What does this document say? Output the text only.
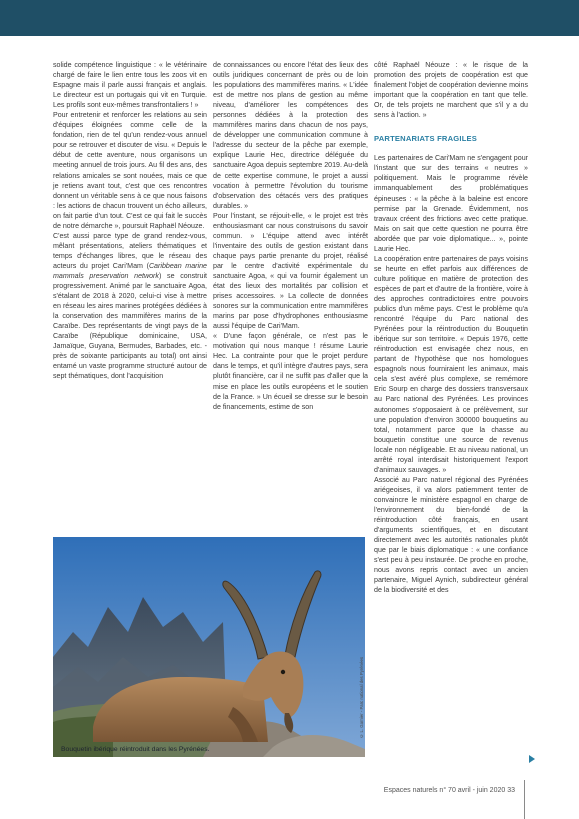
solide compétence linguistique : « le vétérinaire chargé de faire le lien entre tous les zoos vit en Espagne mais il parle aussi français et anglais. Le directeur est un portugais qui vit en Turquie. Les profils sont eux-mêmes transfrontaliers ! »

Pour entretenir et renforcer les relations au sein d'équipes éloignées comme celle de la fondation, rien de tel qu'un rendez-vous annuel pour se retrouver et discuter de visu. « Depuis le début de cette aventure, nous organisons un meeting annuel de trois jours. Au fil des ans, des relations amicales se sont nouées, mais ce que je retiens avant tout, c'est que ces rencontres donnent un véritable sens à ce que nous faisons : les actions de chacun trouvent un écho ailleurs, on fait partie d'un tout. C'est ce qui fait le succès de notre démarche », poursuit Raphaël Néouze.

C'est aussi parce type de grand rendez-vous, mêlant présentations, ateliers thématiques et temps d'échanges libres, que le réseau des acteurs du projet Cari'Mam (Caribbean marine mammals preservation network) se construit progressivement. Animé par le sanctuaire Agoa, s'étalant de 2018 à 2020, celui-ci vise à mettre en réseau les aires marines protégées dédiées à la conservation des mammifères marins de la Caraïbe. Des représentants de vingt pays de la Caraïbe (République dominicaine, USA, Jamaïque, Guyana, Bermudes, Barbades, etc. - près de soixante participants au total) ont ainsi entamé un vaste programme structuré autour de sept thématiques, dont l'acquisition

de connaissances ou encore l'état des lieux des outils juridiques concernant de près ou de loin les populations des mammifères marins. « L'idée est de mettre nos plans de gestion au même niveau, d'améliorer les compétences des personnes dédiées à la protection des mammifères marins dans chacun de nos pays, de développer une communication commune à l'adresse du secteur de la pêche par exemple, explique Laurie Hec, directrice déléguée du sanctuaire Agoa depuis septembre 2019. Au-delà de cette expertise commune, le projet a aussi vocation à permettre l'évolution du tourisme d'observation des cétacés vers des pratiques durables. »

Pour l'instant, se réjouit-elle, « le projet est très enthousiasmant car nous construisons du savoir commun. » L'équipe attend avec intérêt l'inventaire des outils de gestion existant dans chaque pays partie prenante du projet, réalisé par le centre d'activité expérimentale du sanctuaire Agoa, « qui va fournir également un état des lieux des mortalités par collision et prises accessoires. » La collecte de données sonores sur la communication entre mammifères marins par pose d'hydrophones enthousiasme aussi l'équipe de Cari'Mam.

« D'une façon générale, ce n'est pas le motivation qui nous manque ! résume Laurie Hec. La contrainte pour que le projet perdure dans le temps, et qu'il intègre d'autres pays, sera plutôt financière, car il ne suffit pas d'aller que la mise en place les outils européens et le soutien de la France. » Un écueil se dresse sur le besoin de financements, estime de son

côté Raphaël Néouze : « le risque de la promotion des projets de coopération est que finalement l'objet de coopération devienne moins important que la coopération en tant que telle. Or, de tels projets ne marchent que s'il y a du sens à l'action. »

PARTENARIATS FRAGILES

Les partenaires de Cari'Mam ne s'engagent pour l'instant que sur des terrains « neutres » politiquement. Mais le programme révèle immanquablement des problématiques épineuses : « la pêche à la baleine est encore permise par la Grenade. Évidemment, nos travaux créent des frictions avec cette pratique. Mais on sait que cette question ne pourra être abordée que par voie diplomatique... », pointe Laurie Hec.

La coopération entre partenaires de pays voisins se heurte en effet parfois aux différences de culture politique en matière de protection des espèces de part et d'autre de la frontière, voire à des approches contradictoires entre pouvoirs publics d'un même pays. C'est le problème qu'a rencontré l'équipe du Parc national des Pyrénées pour la réintroduction du Bouquetin ibérique sur son territoire. « Depuis 1976, cette réintroduction est envisagée chez nous, en partant de l'hypothèse que nos homologues espagnols nous fourniraient les animaux, mais cela s'est avéré plus complexe, se remémore Eric Sourp en charge des dossiers transversaux au Parc national des Pyrénées. Les provinces autonomes s'opposaient à ce prélèvement, sur une population d'environ 300000 bouquetins au total, notamment parce que la chasse au bouquetin constitue une source de revenus locale non négligeable. Et au niveau national, un arrêté royal interdisait historiquement l'export d'animaux sauvages. »

Associé au Parc naturel régional des Pyrénées ariégeoises, il va alors patiemment tenter de convaincre le ministère espagnol en charge de l'environnement du bien-fondé de la réintroduction côté français, en usant d'arguments scientifiques, et en discutant directement avec les autorités nationales plutôt que par le biais diplomatique : « une confiance s'est peu à peu instaurée. De proche en proche, nous avons repris contact avec un ancien partenaire, Miguel Aynich, subdirecteur général de la biodiversité et des

Bouquetin ibérique réintroduit dans les Pyrénées.
© L. Garnier - Parc national des Pyrénées
Espaces naturels n° 70 avril - juin 2020 33
